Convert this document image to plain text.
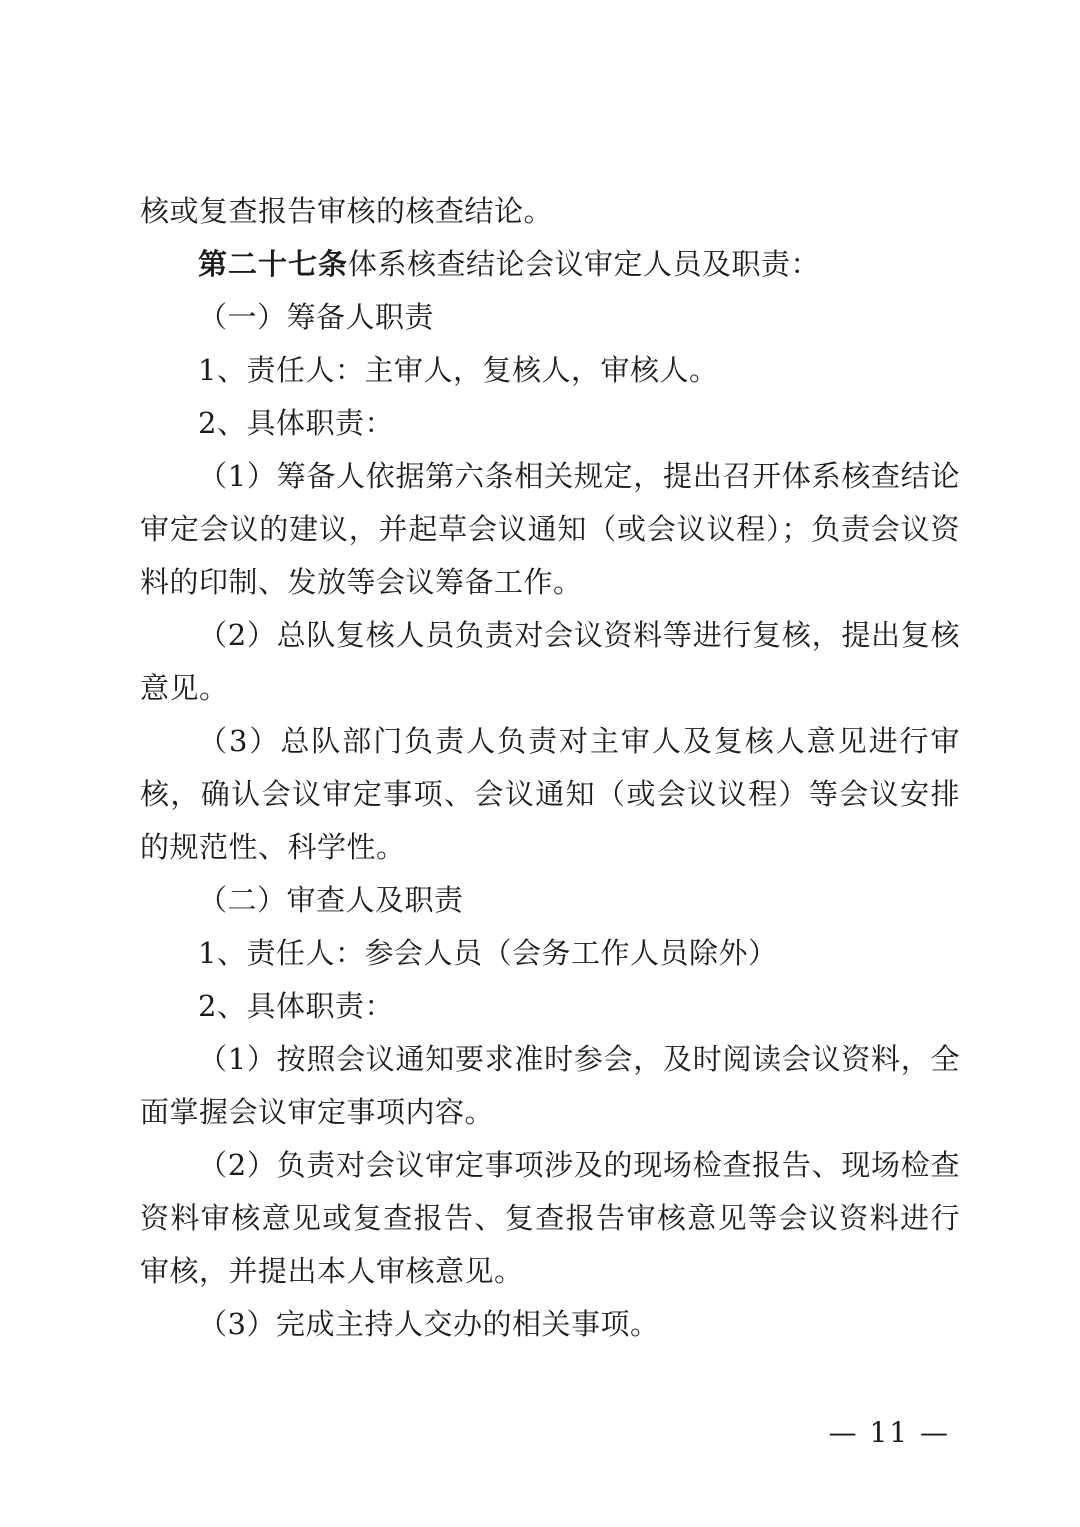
核或复查报告审核的核查结论。

第二十七条体系核查结论会议审定人员及职责：

（一）筹备人职责

1、责任人：主审人，复核人，审核人。

2、具体职责：

（1）筹备人依据第六条相关规定，提出召开体系核查结论审定会议的建议，并起草会议通知（或会议议程）；负责会议资料的印制、发放等会议筹备工作。

（2）总队复核人员负责对会议资料等进行复核，提出复核意见。

（3）总队部门负责人负责对主审人及复核人意见进行审核，确认会议审定事项、会议通知（或会议议程）等会议安排的规范性、科学性。

（二）审查人及职责

1、责任人：参会人员（会务工作人员除外）

2、具体职责：

（1）按照会议通知要求准时参会，及时阅读会议资料，全面掌握会议审定事项内容。

（2）负责对会议审定事项涉及的现场检查报告、现场检查资料审核意见或复查报告、复查报告审核意见等会议资料进行审核，并提出本人审核意见。

（3）完成主持人交办的相关事项。

— 11 —
